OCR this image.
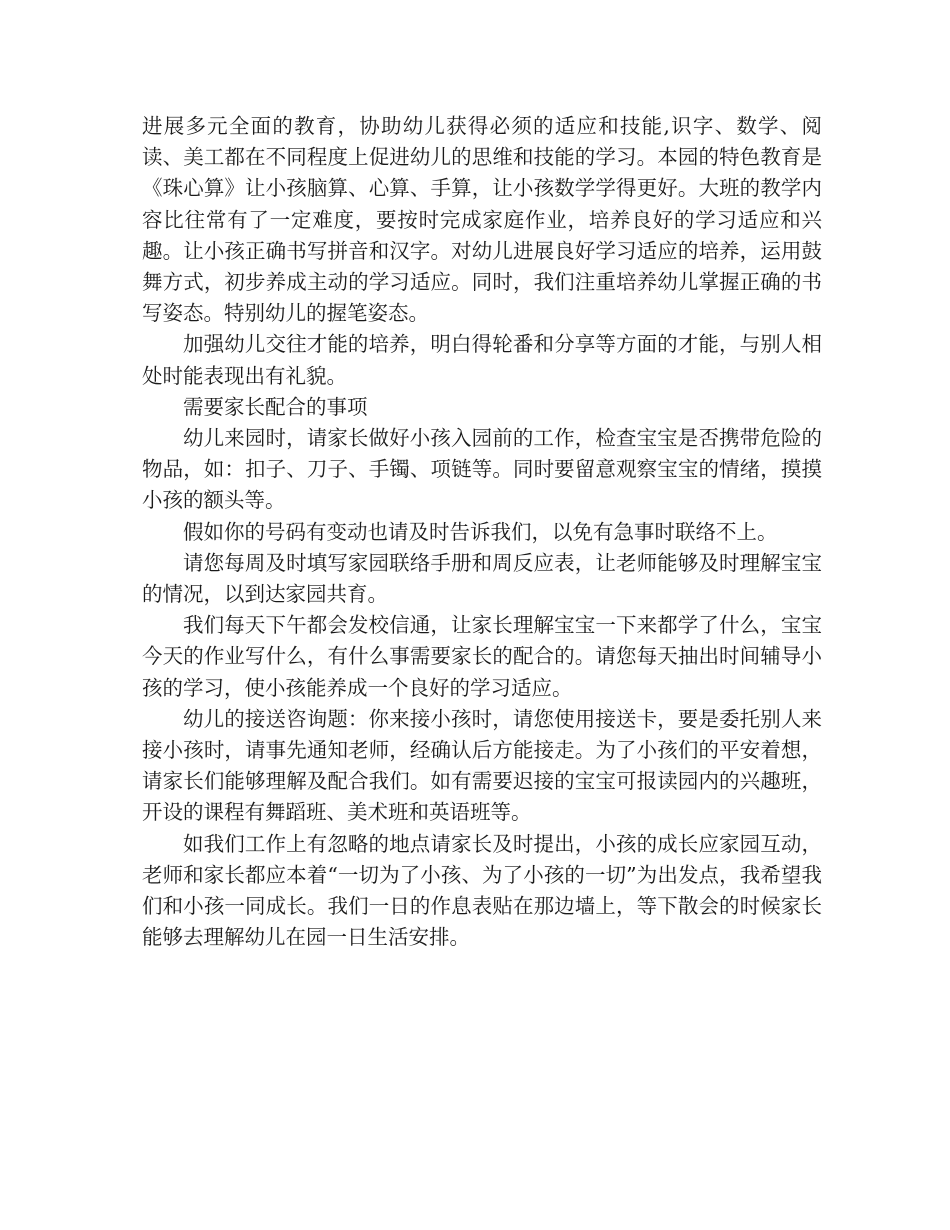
进展多元全面的教育，协助幼儿获得必须的适应和技能,识字、数学、阅读、美工都在不同程度上促进幼儿的思维和技能的学习。本园的特色教育是《珠心算》让小孩脑算、心算、手算，让小孩数学学得更好。大班的教学内容比往常有了一定难度，要按时完成家庭作业，培养良好的学习适应和兴趣。让小孩正确书写拼音和汉字。对幼儿进展良好学习适应的培养，运用鼓舞方式，初步养成主动的学习适应。同时，我们注重培养幼儿掌握正确的书写姿态。特别幼儿的握笔姿态。

加强幼儿交往才能的培养，明白得轮番和分享等方面的才能，与别人相处时能表现出有礼貌。

需要家长配合的事项

幼儿来园时，请家长做好小孩入园前的工作，检查宝宝是否携带危险的物品，如：扣子、刀子、手镯、项链等。同时要留意观察宝宝的情绪，摸摸小孩的额头等。

假如你的号码有变动也请及时告诉我们，以免有急事时联络不上。

请您每周及时填写家园联络手册和周反应表，让老师能够及时理解宝宝的情况，以到达家园共育。

我们每天下午都会发校信通，让家长理解宝宝一下来都学了什么，宝宝今天的作业写什么，有什么事需要家长的配合的。请您每天抽出时间辅导小孩的学习，使小孩能养成一个良好的学习适应。

幼儿的接送咨询题：你来接小孩时，请您使用接送卡，要是委托别人来接小孩时，请事先通知老师，经确认后方能接走。为了小孩们的平安着想，请家长们能够理解及配合我们。如有需要迟接的宝宝可报读园内的兴趣班，开设的课程有舞蹈班、美术班和英语班等。

如我们工作上有忽略的地点请家长及时提出，小孩的成长应家园互动，老师和家长都应本着“一切为了小孩、为了小孩的一切”为出发点，我希望我们和小孩一同成长。我们一日的作息表贴在那边墙上，等下散会的时候家长能够去理解幼儿在园一日生活安排。
